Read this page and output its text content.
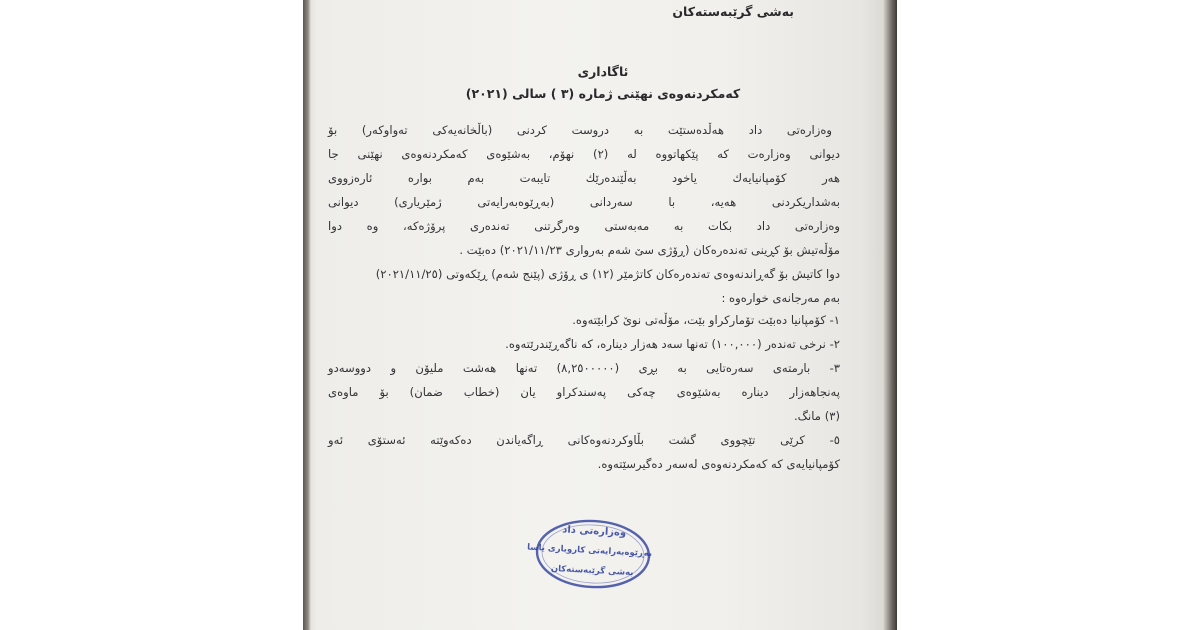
بەشی گرێبەستەکان
ئاگاداری
کەمکردنەوەی نهێنی ژمارە (٣ ) سالی (٢٠٢١)
وەزارەتی داد هەڵدەستێت بە دروست کردنی (باڵخانەیەکی تەواوکەر) بۆ
دیوانی وەزارەت کە پێکهاتووە لە (٢) نهۆم، بەشێوەی کەمکردنەوەی نهێنی جا
هەر کۆمپانیایەك یاخود بەڵێندەرێك تایبەت بەم بوارە ئارەزووی
بەشداریکردنی هەیە، با سەردانی (بەڕێوەبەرایەتی ژمێریاری) دیوانی
وەزارەتی داد بکات بە مەبەستی وەرگرتنی تەندەری پرۆژەکە، وە دوا
مۆڵەتیش بۆ کڕینی تەندەرەکان (ڕۆژی سێ شەم بەرواری ٢٠٢١/١١/٢٣) دەبێت .
دوا کاتیش بۆ گەڕاندنەوەی تەندەرەکان کاتژمێر (١٢) ی ڕۆژی (پێنج شەم) ڕێکەوتی (٢٠٢١/١١/٢٥)
بەم مەرجانەی خوارەوە :
١- کۆمپانیا دەبێت تۆمارکراو بێت، مۆڵەتی نوێ کرابێتەوە.
٢- نرخی تەندەر (١٠٠,٠٠٠) تەنها سەد هەزار دینارە، کە ناگەڕێندرێتەوە.
٣- بارمتەی سەرەتایی بە بڕی (٨,٢٥٠٠٠٠٠) تەنها هەشت ملیۆن و دووسەدو
پەنجاهەزار دینارە بەشێوەی چەکی پەسندکراو یان (خطاب ضمان) بۆ ماوەی
(٣) مانگ.
٥- کرێی تێچووی گشت بڵاوکردنەوەکانی ڕاگەیاندن دەکەوێتە ئەستۆی ئەو
کۆمپانیایەی کە کەمکردنەوەی لەسەر دەگیرسێتەوە.
وەزارەتی داد
بەڕێوەبەرایەتی کاروباری یاسا
بەشی گرێبەستەکان
